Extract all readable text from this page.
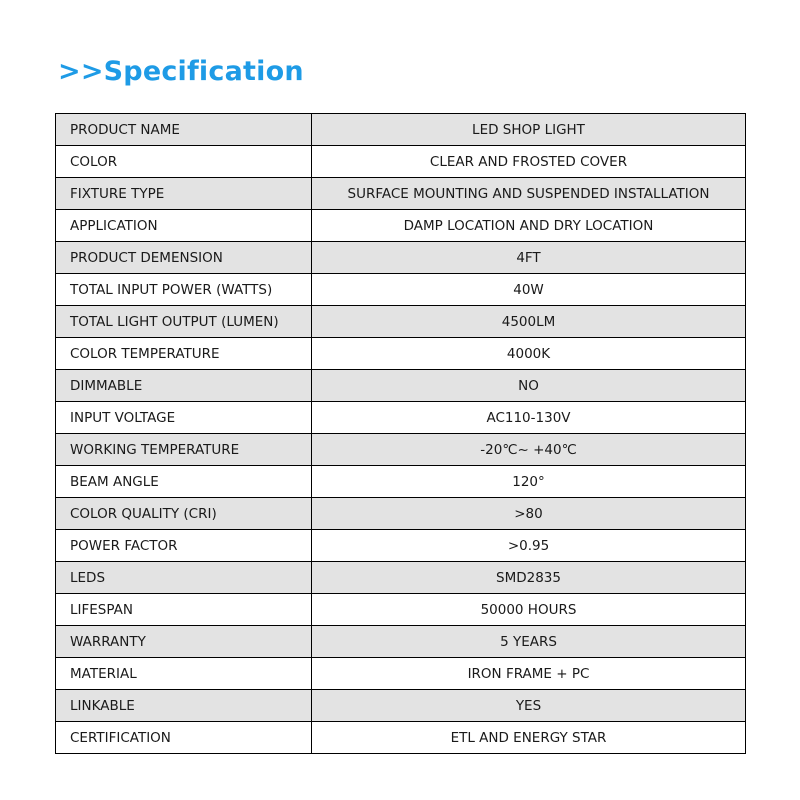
>>Specification
PRODUCT NAME	LED SHOP LIGHT
COLOR	CLEAR AND FROSTED COVER
FIXTURE TYPE	SURFACE MOUNTING AND SUSPENDED INSTALLATION
APPLICATION	DAMP LOCATION AND DRY LOCATION
PRODUCT DEMENSION	4FT
TOTAL INPUT POWER (WATTS)	40W
TOTAL LIGHT OUTPUT (LUMEN)	4500LM
COLOR TEMPERATURE	4000K
DIMMABLE	NO
INPUT VOLTAGE	AC110-130V
WORKING TEMPERATURE	-20℃~ +40℃
BEAM ANGLE	120°
COLOR QUALITY (CRI)	>80
POWER FACTOR	>0.95
LEDS	SMD2835
LIFESPAN	50000 HOURS
WARRANTY	5 YEARS
MATERIAL	IRON FRAME + PC
LINKABLE	YES
CERTIFICATION	ETL AND ENERGY STAR
